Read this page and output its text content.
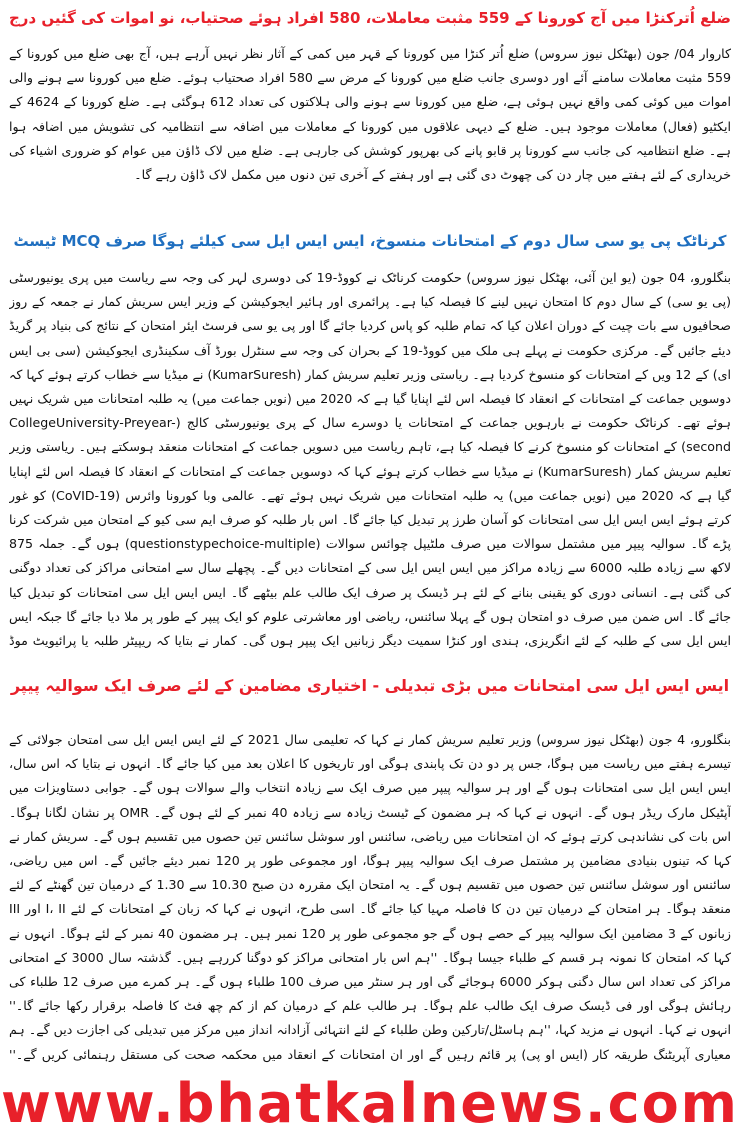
ضلع اُترکنڑا میں آج کورونا کے 559 مثبت معاملات، 580 افراد ہوئے صحتیاب، نو اموات کی گئیں درج

کاروار 04/ جون (بھٹکل نیوز سروس) ضلع اُتر کنڑا میں کورونا کے قہر میں کمی کے آثار نظر نہیں آرہے ہیں، آج بھی ضلع میں کورونا کے 559 مثبت معاملات سامنے آئے اور دوسری جانب ضلع میں کورونا کے مرض سے 580 افراد صحتیاب ہوئے۔ ضلع میں کورونا سے ہونے والی اموات میں کوئی کمی واقع نہیں ہوئی ہے، ضلع میں کورونا سے ہونے والی ہلاکتوں کی تعداد 612 ہوگئی ہے۔ ضلع کورونا کے 4624 کے ایکٹیو (فعال) معاملات موجود ہیں۔ ضلع کے دیہی علاقوں میں کورونا کے معاملات میں اضافہ سے انتظامیہ کی تشویش میں اضافہ ہوا ہے۔ ضلع انتظامیہ کی جانب سے کورونا پر قابو پانے کی بھرپور کوشش کی جارہی ہے۔ ضلع میں لاک ڈاؤن میں عوام کو ضروری اشیاء کی خریداری کے لئے ہفتے میں چار دن کی چھوٹ دی گئی ہے اور ہفتے کے آخری تین دنوں میں مکمل لاک ڈاؤن رہے گا۔

کرناٹک پی یو سی سال دوم کے امتحانات منسوخ، ایس ایس ایل سی کیلئے ہوگا صرف MCQ ٹیسٹ

بنگلورو، 04 جون (یو این آئی، بھٹکل نیوز سروس) حکومت کرناٹک نے کووڈ-19 کی دوسری لہر کی وجہ سے ریاست میں پری یونیورسٹی (پی یو سی) کے سال دوم کا امتحان نہیں لینے کا فیصلہ کیا ہے۔ پرائمری اور ہائیر ایجوکیشن کے وزیر ایس سریش کمار نے جمعہ کے روز صحافیوں سے بات چیت کے دوران اعلان کیا کہ تمام طلبہ کو پاس کردیا جائے گا اور پی یو سی فرسٹ ایئر امتحان کے نتائج کی بنیاد پر گریڈ دیئے جائیں گے۔ مرکزی حکومت نے پہلے ہی ملک میں کووڈ-19 کے بحران کی وجہ سے سنٹرل بورڈ آف سکینڈری ایجوکیشن (سی بی ایس ای) کے 12 ویں کے امتحانات کو منسوخ کردیا ہے۔ ریاستی وزیر تعلیم سریش کمار (KumarSuresh) نے میڈیا سے خطاب کرتے ہوئے کہا کہ دوسویں جماعت کے امتحانات کے انعقاد کا فیصلہ اس لئے اپنایا گیا ہے کہ 2020 میں (نویں جماعت میں) یہ طلبہ امتحانات میں شریک نہیں ہوئے تھے۔ کرناٹک حکومت نے بارہویں جماعت کے امتحانات یا دوسرے سال کے پری یونیورسٹی کالج (CollegeUniversity-Preyear-second) کے امتحانات کو منسوخ کرنے کا فیصلہ کیا ہے، تاہم ریاست میں دسویں جماعت کے امتحانات منعقد ہوسکتے ہیں۔ ریاستی وزیر تعلیم سریش کمار (KumarSuresh) نے میڈیا سے خطاب کرتے ہوئے کہا کہ دوسویں جماعت کے امتحانات کے انعقاد کا فیصلہ اس لئے اپنایا گیا ہے کہ 2020 میں (نویں جماعت میں) یہ طلبہ امتحانات میں شریک نہیں ہوئے تھے۔ عالمی وبا کورونا وائرس (CoVID-19) کو غور کرتے ہوئے ایس ایس ایل سی امتحانات کو آسان طرز پر تبدیل کیا جائے گا۔ اس بار طلبہ کو صرف ایم سی کیو کے امتحان میں شرکت کرنا پڑے گا۔ سوالیہ پیپر میں مشتمل سوالات میں صرف ملٹیپل چوائس سوالات (questionstypechoice-multiple) ہوں گے۔ جملہ 875 لاکھ سے زیادہ طلبہ 6000 سے زیادہ مراکز میں ایس ایس ایل سی کے امتحانات دیں گے۔ پچھلے سال سے امتحانی مراکز کی تعداد دوگنی کی گئی ہے۔ انسانی دوری کو یقینی بنانے کے لئے ہر ڈیسک پر صرف ایک طالب علم بیٹھے گا۔ ایس ایس ایل سی امتحانات کو تبدیل کیا جائے گا۔ اس ضمن میں صرف دو امتحان ہوں گے پہلا سائنس، ریاضی اور معاشرتی علوم کو ایک پیپر کے طور پر ملا دیا جائے گا جبکہ ایس ایس ایل سی کے طلبہ کے لئے انگریزی، ہندی اور کنڑا سمیت دیگر زبانیں ایک پیپر ہوں گی۔ کمار نے بتایا کہ ریپیٹر طلبہ یا پرائیویٹ موڈ

ایس ایس ایل سی امتحانات میں بڑی تبدیلی - اختیاری مضامین کے لئے صرف ایک سوالیہ پیپر

بنگلورو، 4 جون (بھٹکل نیوز سروس) وزیر تعلیم سریش کمار نے کہا کہ تعلیمی سال 2021 کے لئے ایس ایس ایل سی امتحان جولائی کے تیسرے ہفتے میں ریاست میں ہوگا، جس پر دو دن تک پابندی ہوگی اور تاریخوں کا اعلان بعد میں کیا جائے گا۔ انہوں نے بتایا کہ اس سال، ایس ایس ایل سی امتحانات ہوں گے اور ہر سوالیہ پیپر میں صرف ایک سے زیادہ انتخاب والے سوالات ہوں گے۔ جوابی دستاویزات میں آپٹیکل مارک ریڈر ہوں گے۔ انہوں نے کہا کہ ہر مضمون کے ٹیسٹ زیادہ سے زیادہ 40 نمبر کے لئے ہوں گے۔ OMR پر نشان لگانا ہوگا۔ اس بات کی نشاندہی کرتے ہوئے کہ ان امتحانات میں ریاضی، سائنس اور سوشل سائنس تین حصوں میں تقسیم ہوں گے۔ سریش کمار نے کہا کہ تینوں بنیادی مضامین پر مشتمل صرف ایک سوالیہ پیپر ہوگا، اور مجموعی طور پر 120 نمبر دیئے جائیں گے۔ اس میں ریاضی، سائنس اور سوشل سائنس تین حصوں میں تقسیم ہوں گے۔ یہ امتحان ایک مقررہ دن صبح 10.30 سے 1.30 کے درمیان تین گھنٹے کے لئے منعقد ہوگا۔ ہر امتحان کے درمیان تین دن کا فاصلہ مہیا کیا جائے گا۔ اسی طرح، انہوں نے کہا کہ زبان کے امتحانات کے لئے I، II اور III زبانوں کے 3 مضامین ایک سوالیہ پیپر کے حصے ہوں گے جو مجموعی طور پر 120 نمبر ہیں۔ ہر مضمون 40 نمبر کے لئے ہوگا۔ انہوں نے کہا کہ امتحان کا نمونہ ہر قسم کے طلباء جیسا ہوگا۔ ''ہم اس بار امتحانی مراکز کو دوگنا کررہے ہیں۔ گذشتہ سال 3000 کے امتحانی مراکز کی تعداد اس سال دگنی ہوکر 6000 ہوجائے گی اور ہر سنٹر میں صرف 100 طلباء ہوں گے۔ ہر کمرے میں صرف 12 طلباء کی رہائش ہوگی اور فی ڈیسک صرف ایک طالب علم ہوگا۔ ہر طالب علم کے درمیان کم از کم چھ فٹ کا فاصلہ برقرار رکھا جائے گا۔'' انہوں نے کہا۔ انہوں نے مزید کہا، ''ہم ہاسٹل/تارکین وطن طلباء کے لئے انتہائی آزادانہ انداز میں مرکز میں تبدیلی کی اجازت دیں گے۔ ہم معیاری آپریٹنگ طریقہ کار (ایس او پی) پر قائم رہیں گے اور ان امتحانات کے انعقاد میں محکمہ صحت کی مستقل رہنمائی کریں گے۔''

www.bhatkalnews.com
